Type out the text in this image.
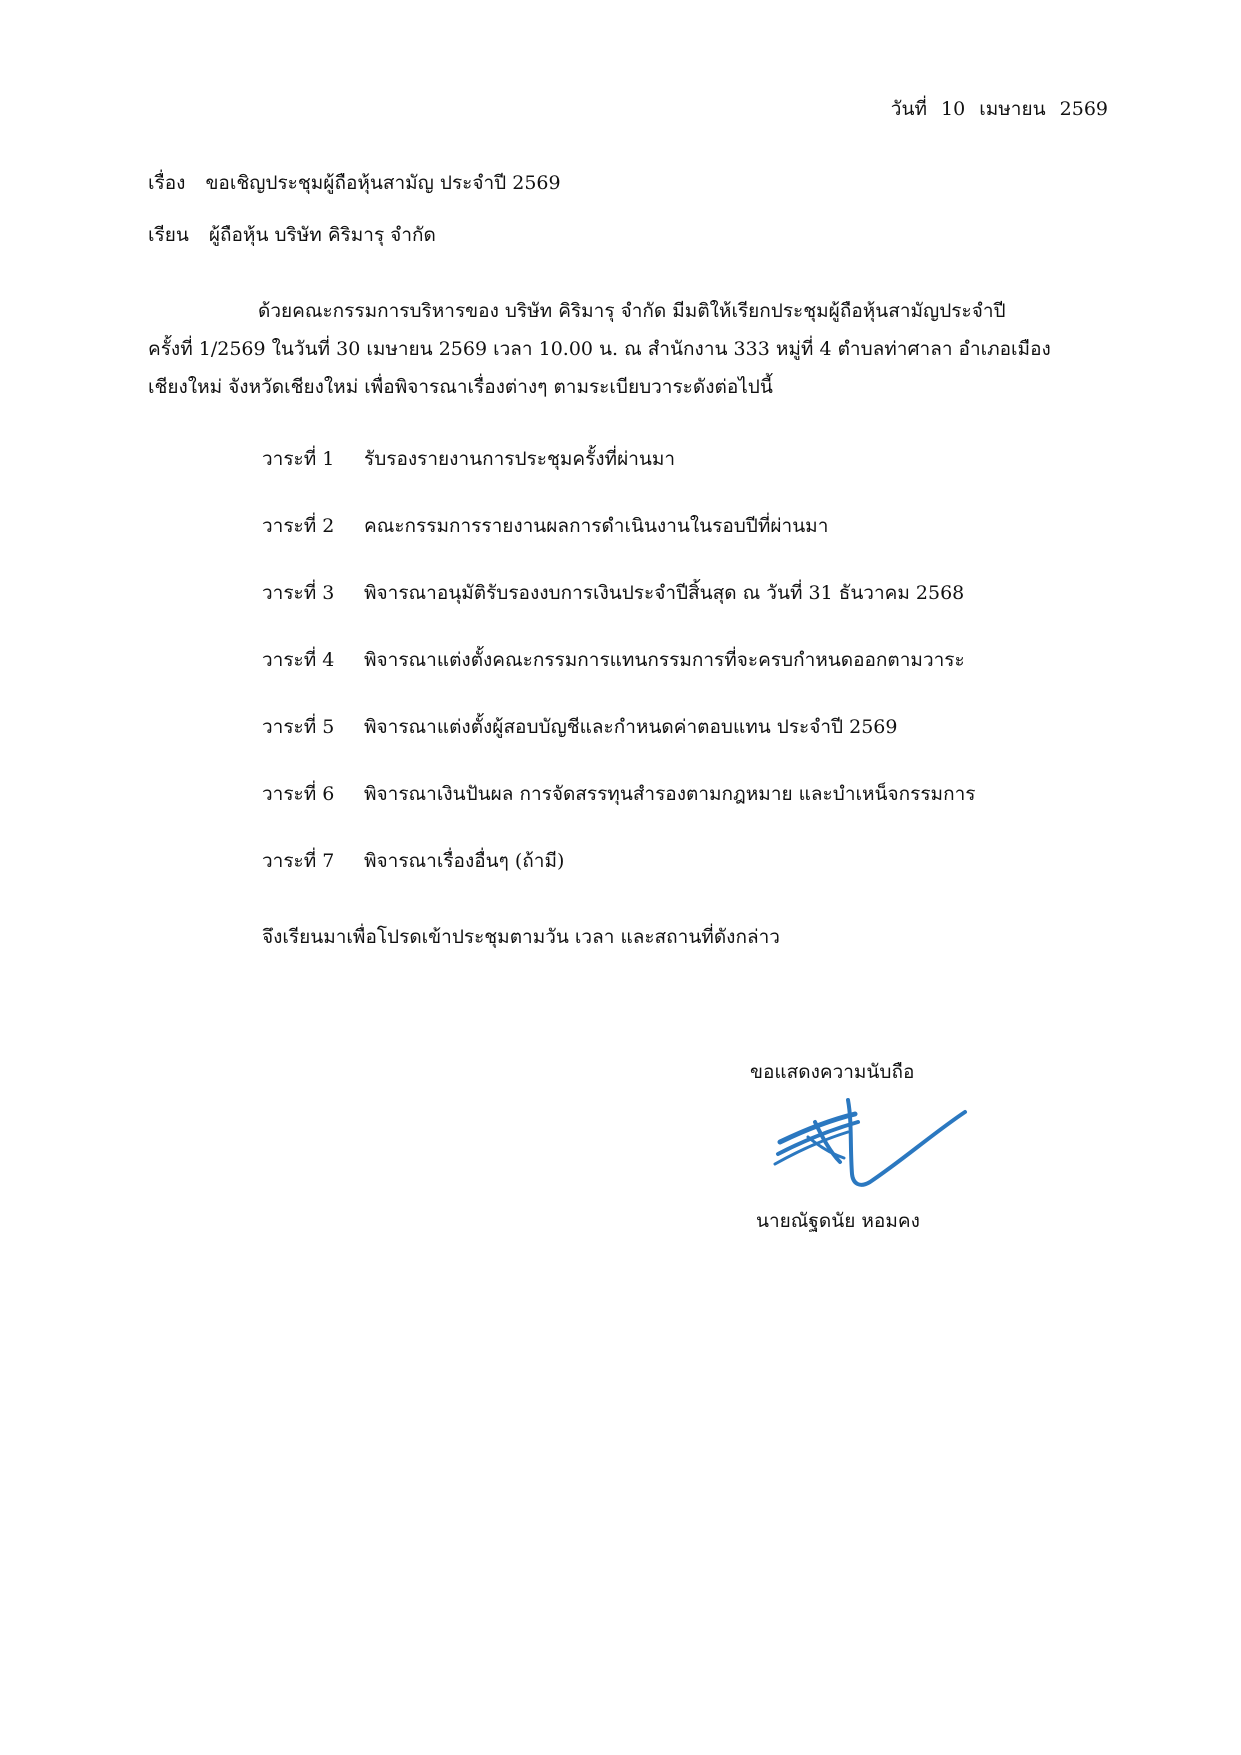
วันที่ 10 เมษายน 2569
เรื่อง ขอเชิญประชุมผู้ถือหุ้นสามัญ ประจำปี 2569
เรียน ผู้ถือหุ้น บริษัท คิริมารุ จำกัด
ด้วยคณะกรรมการบริหารของ บริษัท คิริมารุ จำกัด มีมติให้เรียกประชุมผู้ถือหุ้นสามัญประจำปี
ครั้งที่ 1/2569 ในวันที่ 30 เมษายน 2569 เวลา 10.00 น. ณ สำนักงาน 333 หมู่ที่ 4 ตำบลท่าศาลา อำเภอเมือง
เชียงใหม่ จังหวัดเชียงใหม่ เพื่อพิจารณาเรื่องต่างๆ ตามระเบียบวาระดังต่อไปนี้
วาระที่ 1 รับรองรายงานการประชุมครั้งที่ผ่านมา
วาระที่ 2 คณะกรรมการรายงานผลการดำเนินงานในรอบปีที่ผ่านมา
วาระที่ 3 พิจารณาอนุมัติรับรองงบการเงินประจำปีสิ้นสุด ณ วันที่ 31 ธันวาคม 2568
วาระที่ 4 พิจารณาแต่งตั้งคณะกรรมการแทนกรรมการที่จะครบกำหนดออกตามวาระ
วาระที่ 5 พิจารณาแต่งตั้งผู้สอบบัญชีและกำหนดค่าตอบแทน ประจำปี 2569
วาระที่ 6 พิจารณาเงินปันผล การจัดสรรทุนสำรองตามกฎหมาย และบำเหน็จกรรมการ
วาระที่ 7 พิจารณาเรื่องอื่นๆ (ถ้ามี)
จึงเรียนมาเพื่อโปรดเข้าประชุมตามวัน เวลา และสถานที่ดังกล่าว
ขอแสดงความนับถือ
นายณัฐดนัย หอมคง
